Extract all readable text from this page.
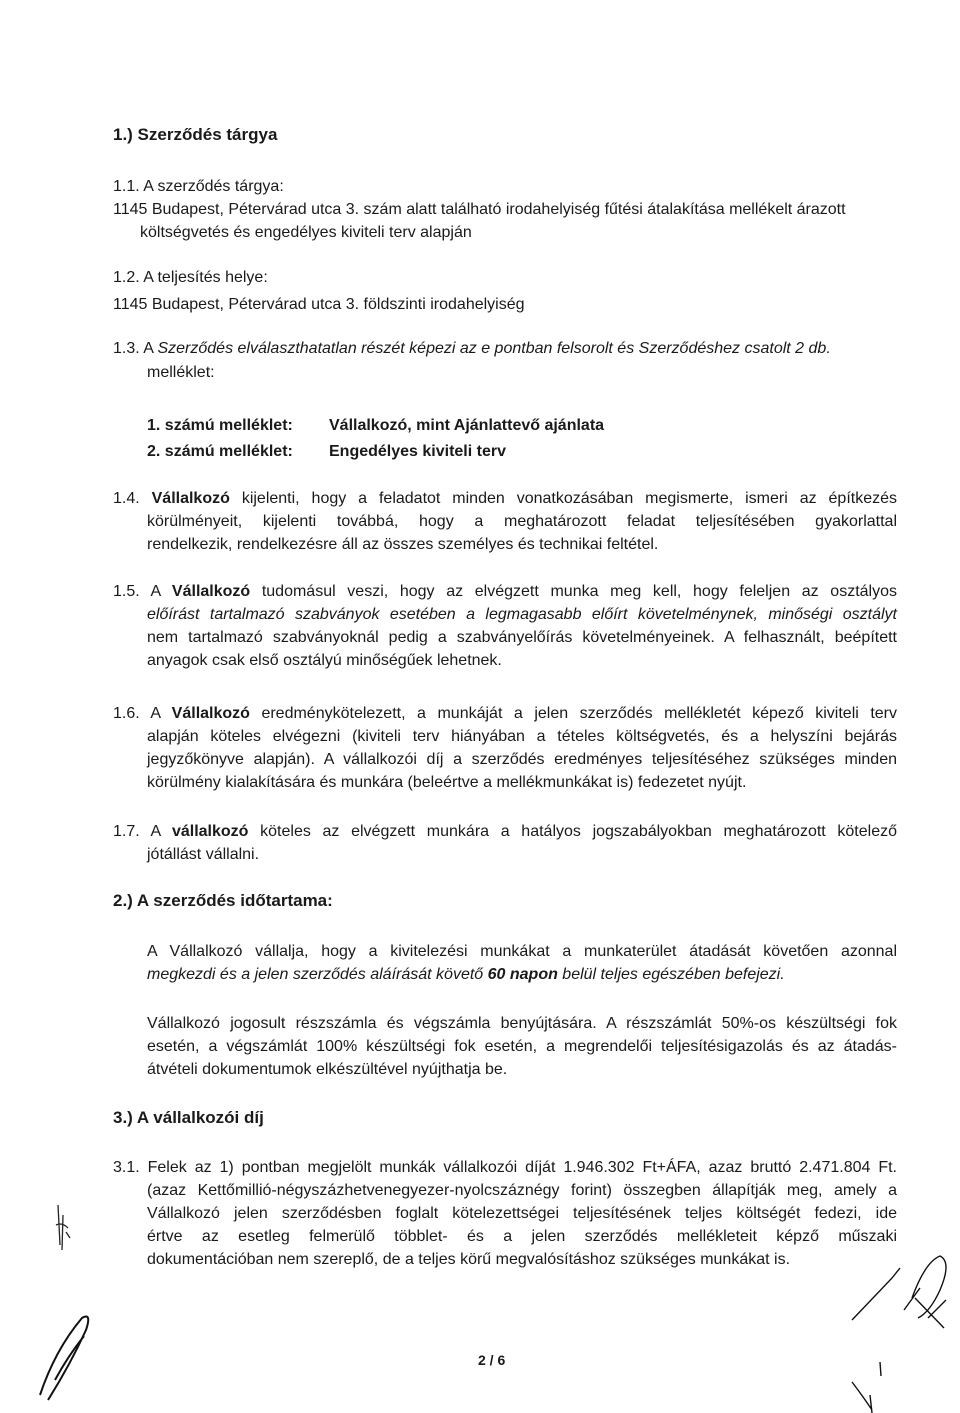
1.) Szerződés tárgya
1.1. A szerződés tárgya:
1145 Budapest, Pétervárad utca 3. szám alatt található irodahelyiség fűtési átalakítása mellékelt árazott
költségvetés és engedélyes kiviteli terv alapján
1.2. A teljesítés helye:
1145 Budapest, Pétervárad utca 3. földszinti irodahelyiség
1.3. A Szerződés elválaszthatatlan részét képezi az e pontban felsorolt és Szerződéshez csatolt 2 db.
melléklet:
1. számú melléklet: Vállalkozó, mint Ajánlattevő ajánlata
2. számú melléklet: Engedélyes kiviteli terv
1.4. Vállalkozó kijelenti, hogy a feladatot minden vonatkozásában megismerte, ismeri az építkezés
körülményeit, kijelenti továbbá, hogy a meghatározott feladat teljesítésében gyakorlattal
rendelkezik, rendelkezésre áll az összes személyes és technikai feltétel.
1.5. A Vállalkozó tudomásul veszi, hogy az elvégzett munka meg kell, hogy feleljen az osztályos
előírást tartalmazó szabványok esetében a legmagasabb előírt követelménynek, minőségi osztályt
nem tartalmazó szabványoknál pedig a szabványelőírás követelményeinek. A felhasznált, beépített
anyagok csak első osztályú minőségűek lehetnek.
1.6. A Vállalkozó eredménykötelezett, a munkáját a jelen szerződés mellékletét képező kiviteli terv
alapján köteles elvégezni (kiviteli terv hiányában a tételes költségvetés, és a helyszíni bejárás
jegyzőkönyve alapján). A vállalkozói díj a szerződés eredményes teljesítéséhez szükséges minden
körülmény kialakítására és munkára (beleértve a mellékmunkákat is) fedezetet nyújt.
1.7. A vállalkozó köteles az elvégzett munkára a hatályos jogszabályokban meghatározott kötelező
jótállást vállalni.
2.) A szerződés időtartama:
A Vállalkozó vállalja, hogy a kivitelezési munkákat a munkaterület átadását követően azonnal
megkezdi és a jelen szerződés aláírását követő 60 napon belül teljes egészében befejezi.
Vállalkozó jogosult részszámla és végszámla benyújtására. A részszámlát 50%-os készültségi fok
esetén, a végszámlát 100% készültségi fok esetén, a megrendelői teljesítésigazolás és az átadás-
átvételi dokumentumok elkészültével nyújthatja be.
3.) A vállalkozói díj
3.1. Felek az 1) pontban megjelölt munkák vállalkozói díját 1.946.302 Ft+ÁFA, azaz bruttó 2.471.804 Ft.
(azaz Kettőmillió-négyszázhetvenegyezer-nyolcszáznégy forint) összegben állapítják meg, amely a
Vállalkozó jelen szerződésben foglalt kötelezettségei teljesítésének teljes költségét fedezi, ide
értve az esetleg felmerülő többlet- és a jelen szerződés mellékleteit képző műszaki
dokumentációban nem szereplő, de a teljes körű megvalósításhoz szükséges munkákat is.
2 / 6
